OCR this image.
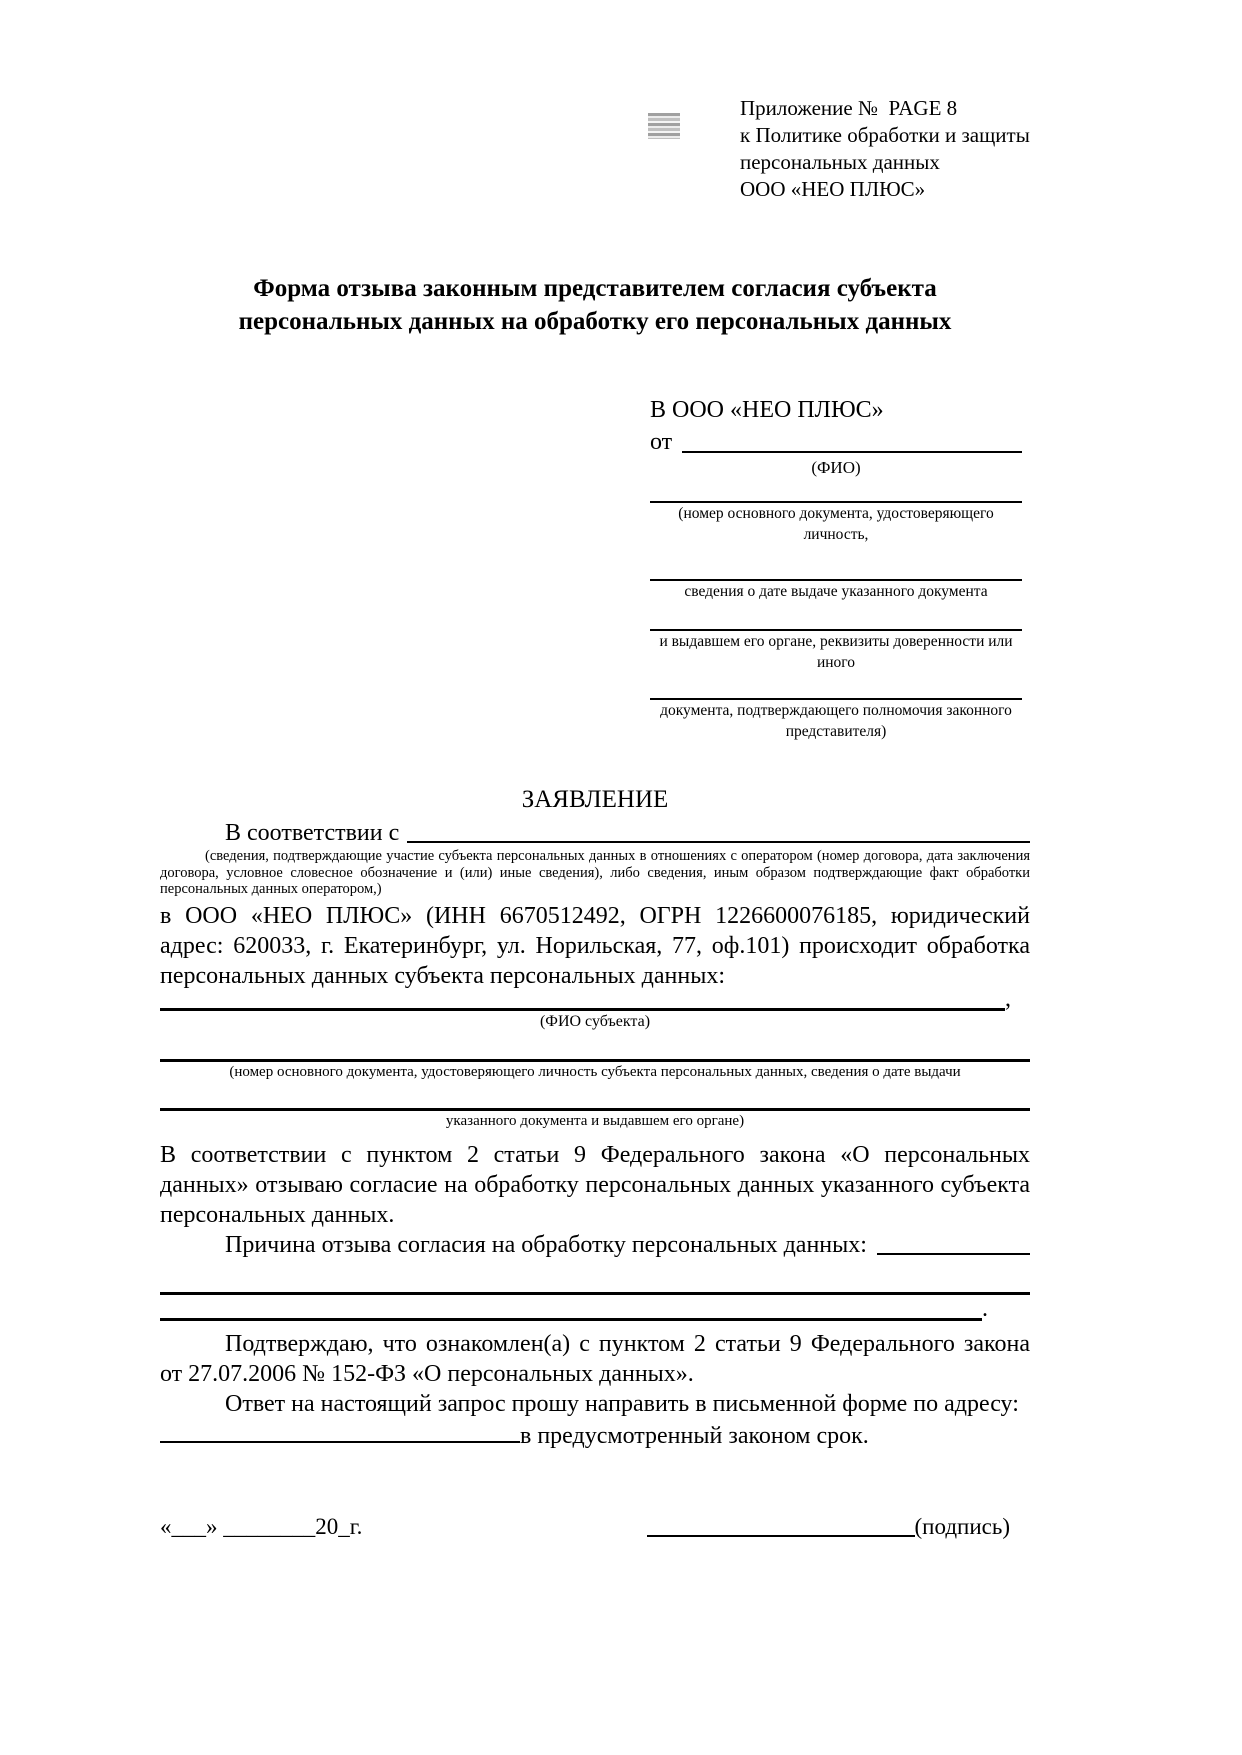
Приложение №  PAGE 8
к Политике обработки и защиты
персональных данных
ООО «НЕО ПЛЮС»
Форма отзыва законным представителем согласия субъекта
персональных данных на обработку его персональных данных
В ООО «НЕО ПЛЮС»
от
(ФИО)
(номер основного документа, удостоверяющего личность,
сведения о дате выдаче указанного документа
и выдавшем его органе, реквизиты доверенности или иного
документа, подтверждающего полномочия законного представителя)
ЗАЯВЛЕНИЕ
В соответствии с
(сведения, подтверждающие участие субъекта персональных данных в отношениях с оператором (номер договора, дата заключения договора, условное словесное обозначение и (или) иные сведения), либо сведения, иным образом подтверждающие факт обработки персональных данных оператором,)
в ООО «НЕО ПЛЮС» (ИНН 6670512492, ОГРН 1226600076185, юридический адрес: 620033, г. Екатеринбург, ул. Норильская, 77, оф.101) происходит обработка персональных данных субъекта персональных данных:
,
(ФИО субъекта)
(номер основного документа, удостоверяющего личность субъекта персональных данных, сведения о дате выдачи
указанного документа и выдавшем его органе)
В соответствии с пунктом 2 статьи 9 Федерального закона «О персональных данных» отзываю согласие на обработку персональных данных указанного субъекта персональных данных.
Причина отзыва согласия на обработку персональных данных:
.
Подтверждаю, что ознакомлен(а) с пунктом 2 статьи 9 Федерального закона от 27.07.2006 № 152-ФЗ «О персональных данных».
Ответ на настоящий запрос прошу направить в письменной форме по адресу:
в предусмотренный законом срок.
«___» ________20_г.	(подпись)
